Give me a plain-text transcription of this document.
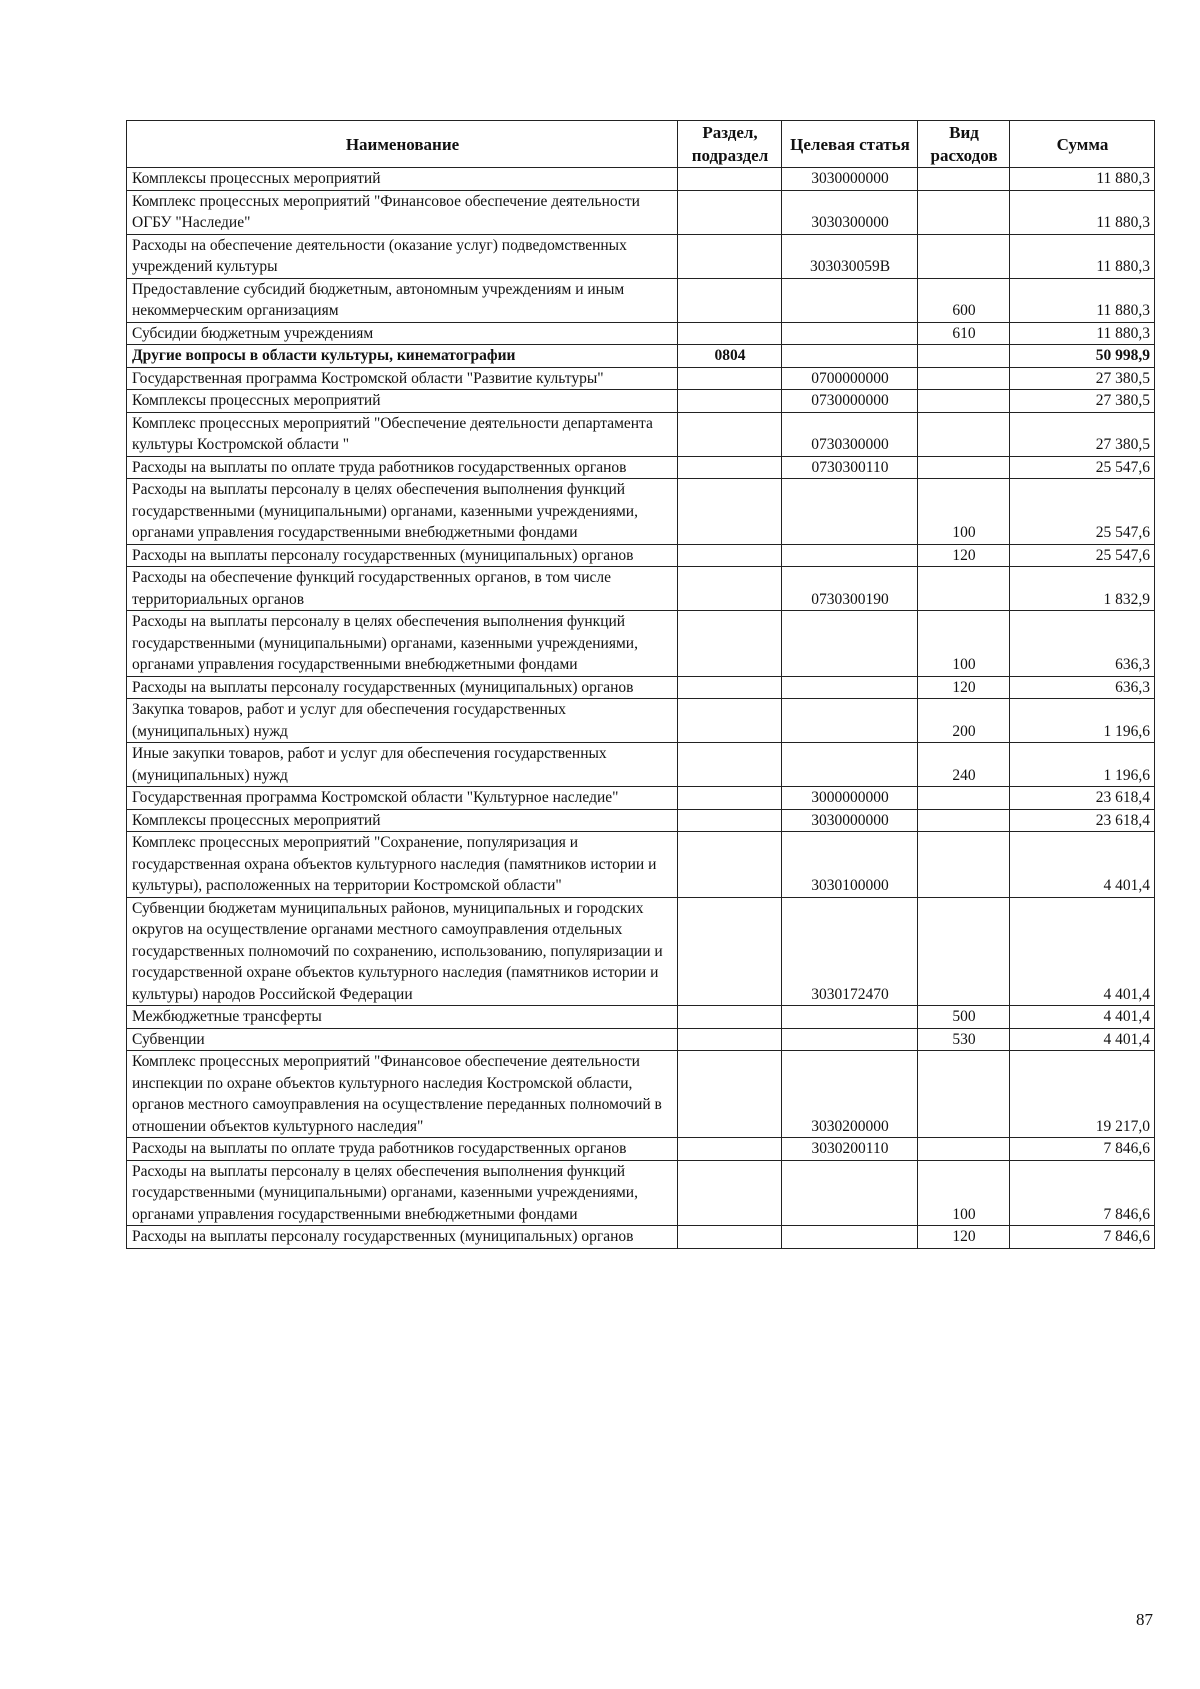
Наименование	Раздел, подраздел	Целевая статья	Вид расходов	Сумма
Комплексы процессных мероприятий		3030000000		11 880,3
Комплекс процессных мероприятий "Финансовое обеспечение деятельности ОГБУ "Наследие"		3030300000		11 880,3
Расходы на обеспечение деятельности (оказание услуг) подведомственных учреждений культуры		303030059В		11 880,3
Предоставление субсидий бюджетным, автономным учреждениям и иным некоммерческим организациям			600	11 880,3
Субсидии бюджетным учреждениям			610	11 880,3
Другие вопросы в области культуры, кинематографии	0804			50 998,9
Государственная программа Костромской области "Развитие культуры"		0700000000		27 380,5
Комплексы процессных мероприятий		0730000000		27 380,5
Комплекс процессных мероприятий "Обеспечение деятельности департамента культуры Костромской области "		0730300000		27 380,5
Расходы на выплаты по оплате труда работников государственных органов		0730300110		25 547,6
Расходы на выплаты персоналу в целях обеспечения выполнения функций государственными (муниципальными) органами, казенными учреждениями, органами управления государственными внебюджетными фондами			100	25 547,6
Расходы на выплаты персоналу государственных (муниципальных) органов			120	25 547,6
Расходы на обеспечение функций государственных органов, в том числе территориальных органов		0730300190		1 832,9
Расходы на выплаты персоналу в целях обеспечения выполнения функций государственными (муниципальными) органами, казенными учреждениями, органами управления государственными внебюджетными фондами			100	636,3
Расходы на выплаты персоналу государственных (муниципальных) органов			120	636,3
Закупка товаров, работ и услуг для обеспечения государственных (муниципальных) нужд			200	1 196,6
Иные закупки товаров, работ и услуг для обеспечения государственных (муниципальных) нужд			240	1 196,6
Государственная программа Костромской области "Культурное наследие"		3000000000		23 618,4
Комплексы процессных мероприятий		3030000000		23 618,4
Комплекс процессных мероприятий "Сохранение, популяризация и государственная охрана объектов культурного наследия (памятников истории и культуры), расположенных на территории Костромской области"		3030100000		4 401,4
Субвенции бюджетам муниципальных районов, муниципальных и городских округов на осуществление органами местного самоуправления отдельных государственных полномочий по сохранению, использованию, популяризации и государственной охране объектов культурного наследия (памятников истории и культуры) народов Российской Федерации		3030172470		4 401,4
Межбюджетные трансферты			500	4 401,4
Субвенции			530	4 401,4
Комплекс процессных мероприятий "Финансовое обеспечение деятельности инспекции по охране объектов культурного наследия Костромской области, органов местного самоуправления на осуществление переданных полномочий в отношении объектов культурного наследия"		3030200000		19 217,0
Расходы на выплаты по оплате труда работников государственных органов		3030200110		7 846,6
Расходы на выплаты персоналу в целях обеспечения выполнения функций государственными (муниципальными) органами, казенными учреждениями, органами управления государственными внебюджетными фондами			100	7 846,6
Расходы на выплаты персоналу государственных (муниципальных) органов			120	7 846,6
87
